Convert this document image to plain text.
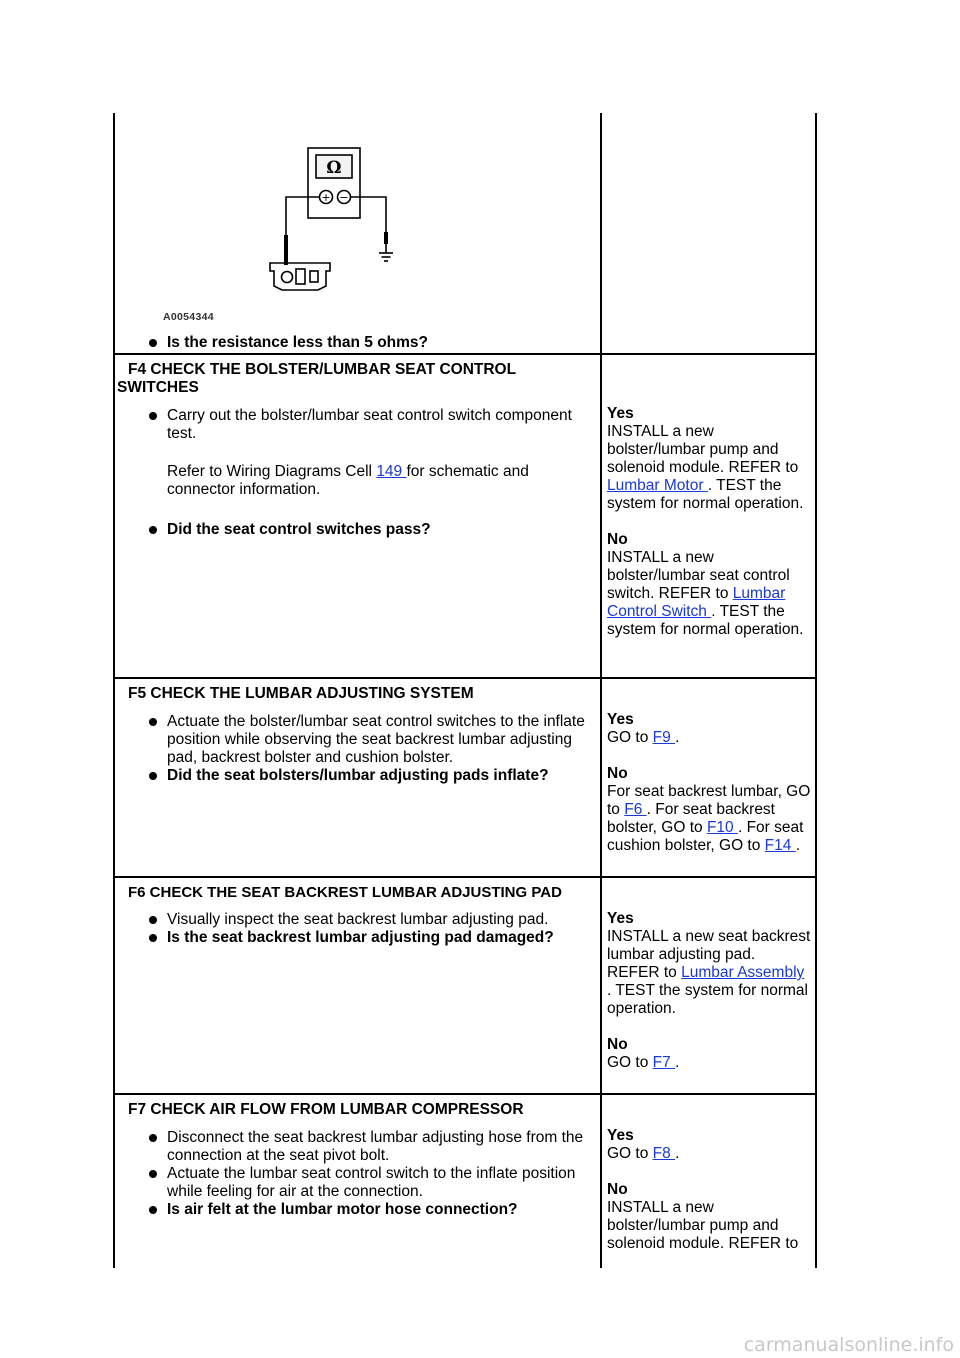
Ω
+ −
A0054344
Is the resistance less than 5 ohms?
F4 CHECK THE BOLSTER/LUMBAR SEAT CONTROL
SWITCHES
Carry out the bolster/lumbar seat control switch component test.
Refer to Wiring Diagrams Cell 149 for schematic and connector information.
Did the seat control switches pass?

Yes

INSTALL a new bolster/lumbar pump and solenoid module. REFER to Lumbar Motor . TEST the system for normal operation.

No

INSTALL a new bolster/lumbar seat control switch. REFER to Lumbar Control Switch . TEST the system for normal operation.

F5 CHECK THE LUMBAR ADJUSTING SYSTEM
Actuate the bolster/lumbar seat control switches to the inflate position while observing the seat backrest lumbar adjusting pad, backrest bolster and cushion bolster.
Did the seat bolsters/lumbar adjusting pads inflate?

Yes

GO to F9 .

No

For seat backrest lumbar, GO to F6 . For seat backrest bolster, GO to F10 . For seat cushion bolster, GO to F14 .

F6 CHECK THE SEAT BACKREST LUMBAR ADJUSTING PAD
Visually inspect the seat backrest lumbar adjusting pad.
Is the seat backrest lumbar adjusting pad damaged?

Yes

INSTALL a new seat backrest lumbar adjusting pad. REFER to Lumbar Assembly . TEST the system for normal operation.

No

GO to F7 .

F7 CHECK AIR FLOW FROM LUMBAR COMPRESSOR
Disconnect the seat backrest lumbar adjusting hose from the connection at the seat pivot bolt.
Actuate the lumbar seat control switch to the inflate position while feeling for air at the connection.
Is air felt at the lumbar motor hose connection?

Yes

GO to F8 .

No

INSTALL a new bolster/lumbar pump and solenoid module. REFER to

carmanualsonline.info
